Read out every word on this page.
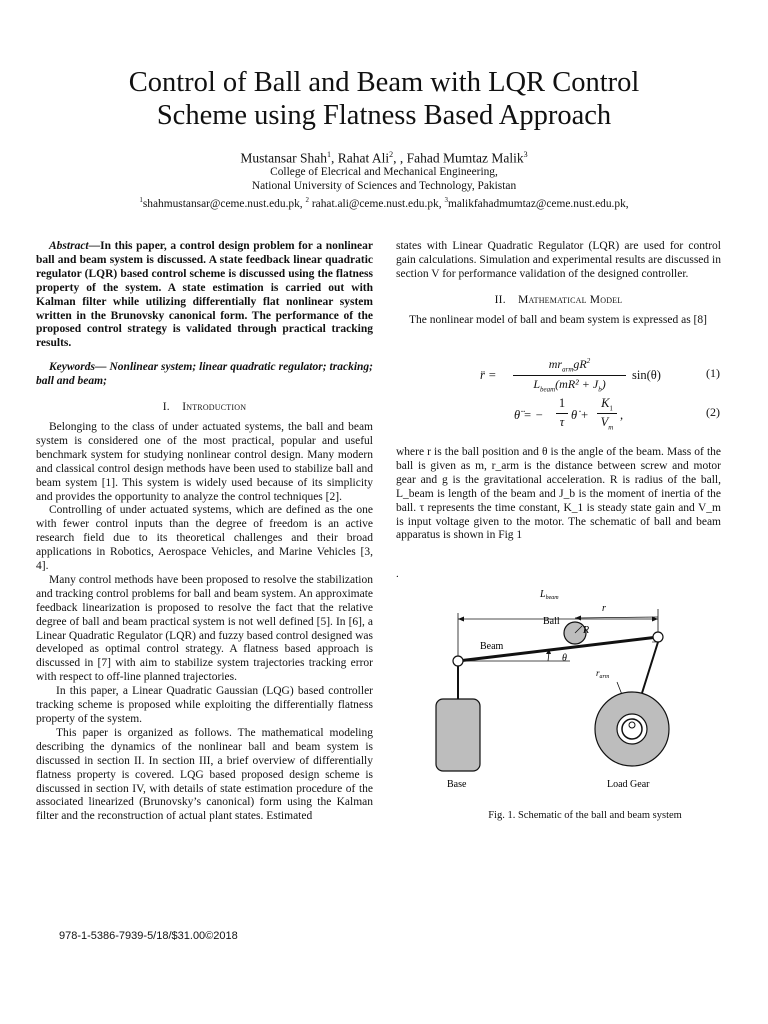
Control of Ball and Beam with LQR Control
Scheme using Flatness Based Approach
Mustansar Shah$^1$, Rahat Ali$^2$, , Fahad Mumtaz Malik$^3$
College of Elecrical and Mechanical Engineering,
National University of Sciences and Technology, Pakistan
$^1$shahmustansar@ceme.nust.edu.pk, $^2$ rahat.ali@ceme.nust.edu.pk, $^3$malikfahadmumtaz@ceme.nust.edu.pk,

Abstract—In this paper, a control design problem for a nonlinear ball and beam system is discussed. A state feedback linear quadratic regulator (LQR) based control scheme is discussed using the flatness property of the system. A state estimation is carried out with Kalman filter while utilizing differentially flat nonlinear system written in the Brunovsky canonical form. The performance of the proposed control strategy is validated through practical tracking results.

Keywords— Nonlinear system; linear quadratic regulator; tracking; ball and beam;

I. Introduction

Belonging to the class of under actuated systems, the ball and beam system is considered one of the most practical, popular and useful benchmark system for studying nonlinear control design. Many modern and classical control design methods have been used to stabilize ball and beam system [1]. This system is widely used because of its simplicity and provides the opportunity to analyze the control techniques [2].

Controlling of under actuated systems, which are defined as the one with fewer control inputs than the degree of freedom is an active research field due to its theoretical challenges and their broad applications in Robotics, Aerospace Vehicles, and Marine Vehicles [3, 4].

Many control methods have been proposed to resolve the stabilization and tracking control problems for ball and beam system. An approximate feedback linearization is proposed to resolve the fact that the relative degree of ball and beam practical system is not well defined [5]. In [6], a Linear Quadratic Regulator (LQR) and fuzzy based control designed was developed as optimal control strategy. A flatness based approach is discussed in [7] with aim to stabilize system trajectories tracking error with respect to off-line planned trajectories.

In this paper, a Linear Quadratic Gaussian (LQG) based controller tracking scheme is proposed while exploiting the differentially flatness property of the system.

This paper is organized as follows. The mathematical modeling describing the dynamics of the nonlinear ball and beam system is discussed in section II. In section III, a brief overview of differentially flatness property is covered. LQG based proposed design scheme is discussed in section IV, with details of state estimation procedure of the associated linearized (Brunovsky’s canonical) form using the Kalman filter and the reconstruction of actual plant states. Estimated

states with Linear Quadratic Regulator (LQR) are used for control gain calculations. Simulation and experimental results are discussed in section V for performance validation of the designed controller.

II. Mathematical Model

The nonlinear model of ball and beam system is expressed as [8]

r̈ =
$mr_{arm}gR^2$
$L_{beam}(mR^2 + J_b)$
sin(θ)	(1)
θ̈ = −
1
τ θ̇ +
$K_1$
$V_m$
,	(2)

where r is the ball position and θ is the angle of the beam. Mass of the ball is given as m, r_arm is the distance between screw and motor gear and g is the gravitational acceleration. R is radius of the ball, L_beam is length of the beam and J_b is the moment of inertia of the ball. τ represents the time constant, K_1 is steady state gain and V_m is input voltage given to the motor. The schematic of ball and beam apparatus is shown in Fig 1

.
$L_{beam}$
r
θ
Beam
Ball
R
Base
$r_{arm}$
Load Gear
Fig. 1. Schematic of the ball and beam system
978-1-5386-7939-5/18/$31.00©2018
